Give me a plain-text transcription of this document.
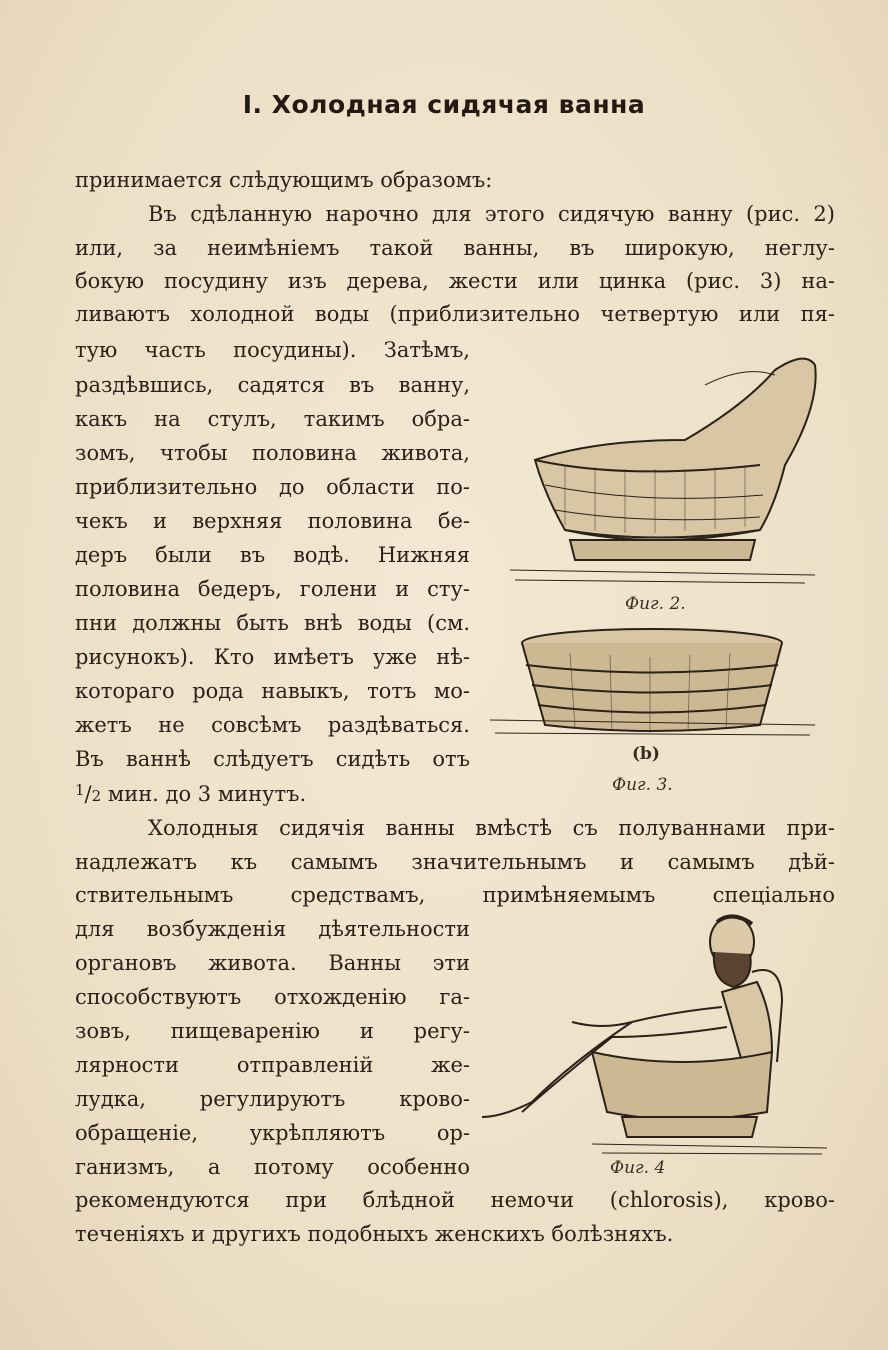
I. Холодная сидячая ванна
принимается слѣдующимъ образомъ:
Въ сдѣланную нарочно для этого сидячую ванну (рис. 2)
или, за неимѣніемъ такой ванны, въ широкую, неглу-
бокую посудину изъ дерева, жести или цинка (рис. 3) на-
ливаютъ холодной воды (приблизительно четвертую или пя-
тую часть посудины). Затѣмъ,
раздѣвшись, садятся въ ванну,
какъ на стулъ, такимъ обра-
зомъ, чтобы половина живота,
приблизительно до области по-
чекъ и верхняя половина бе-
деръ были въ водѣ. Нижняя
половина бедеръ, голени и сту-
пни должны быть внѣ воды (см.
рисунокъ). Кто имѣетъ уже нѣ-
котораго рода навыкъ, тотъ мо-
жетъ не совсѣмъ раздѣваться.
Въ ваннѣ слѣдуетъ сидѣть отъ
$^1$/2 мин. до 3 минутъ.
Холодныя сидячія ванны вмѣстѣ съ полуваннами при-
надлежатъ къ самымъ значительнымъ и самымъ дѣй-
ствительнымъ средствамъ, примѣняемымъ спеціально
для возбужденія дѣятельности
органовъ живота. Ванны эти
способствуютъ отхожденію га-
зовъ, пищеваренію и регу-
лярности отправленій же-
лудка, регулируютъ крово-
обращеніе, укрѣпляютъ ор-
ганизмъ, а потому особенно
рекомендуются при блѣдной немочи (chlorosis), крово-
теченіяхъ и другихъ подобныхъ женскихъ болѣзняхъ.
Фиг. 2.
(b)
Фиг. 3.
Фиг. 4
